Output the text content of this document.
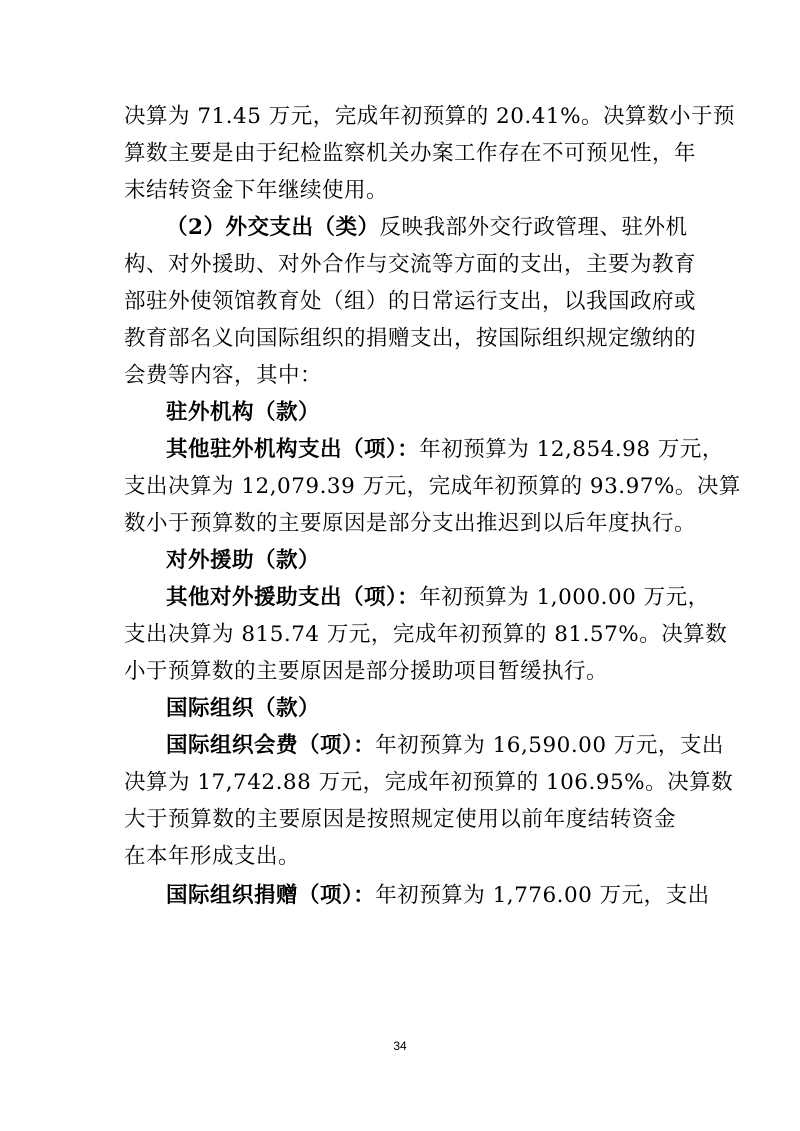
决算为 71.45 万元，完成年初预算的 20.41%。决算数小于预
算数主要是由于纪检监察机关办案工作存在不可预见性，年
末结转资金下年继续使用。
（2）外交支出（类）反映我部外交行政管理、驻外机
构、对外援助、对外合作与交流等方面的支出，主要为教育
部驻外使领馆教育处（组）的日常运行支出，以我国政府或
教育部名义向国际组织的捐赠支出，按国际组织规定缴纳的
会费等内容，其中：
驻外机构（款）
其他驻外机构支出（项）：年初预算为 12,854.98 万元，
支出决算为 12,079.39 万元，完成年初预算的 93.97%。决算
数小于预算数的主要原因是部分支出推迟到以后年度执行。
对外援助（款）
其他对外援助支出（项）：年初预算为 1,000.00 万元，
支出决算为 815.74 万元，完成年初预算的 81.57%。决算数
小于预算数的主要原因是部分援助项目暂缓执行。
国际组织（款）
国际组织会费（项）：年初预算为 16,590.00 万元，支出
决算为 17,742.88 万元，完成年初预算的 106.95%。决算数
大于预算数的主要原因是按照规定使用以前年度结转资金
在本年形成支出。
国际组织捐赠（项）：年初预算为 1,776.00 万元，支出
34
